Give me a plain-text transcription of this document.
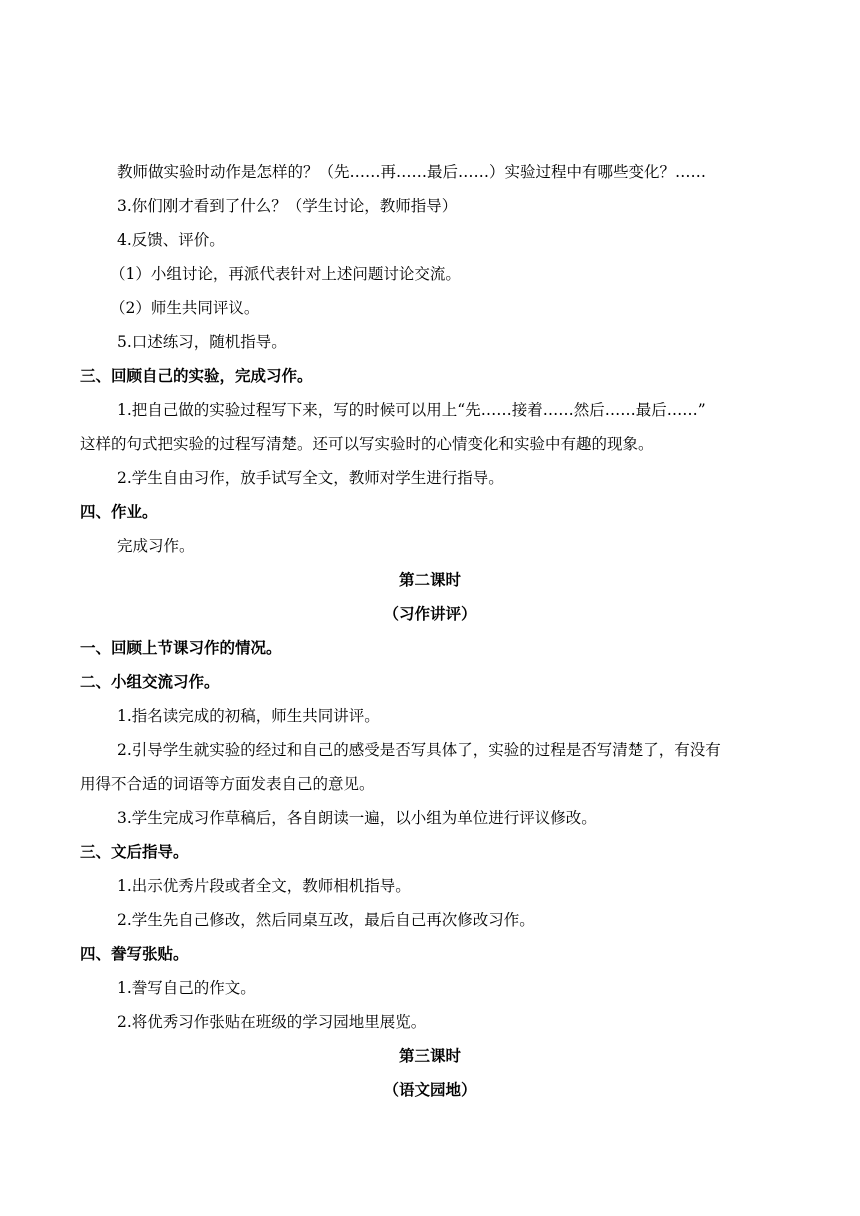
教师做实验时动作是怎样的？（先……再……最后……）实验过程中有哪些变化？……
3.你们刚才看到了什么？（学生讨论，教师指导）
4.反馈、评价。
（1）小组讨论，再派代表针对上述问题讨论交流。
（2）师生共同评议。
5.口述练习，随机指导。
三、回顾自己的实验，完成习作。
1.把自己做的实验过程写下来，写的时候可以用上“先……接着……然后……最后……”
这样的句式把实验的过程写清楚。还可以写实验时的心情变化和实验中有趣的现象。
2.学生自由习作，放手试写全文，教师对学生进行指导。
四、作业。
完成习作。
第二课时
（习作讲评）
一、回顾上节课习作的情况。
二、小组交流习作。
1.指名读完成的初稿，师生共同讲评。
2.引导学生就实验的经过和自己的感受是否写具体了，实验的过程是否写清楚了，有没有
用得不合适的词语等方面发表自己的意见。
3.学生完成习作草稿后，各自朗读一遍，以小组为单位进行评议修改。
三、文后指导。
1.出示优秀片段或者全文，教师相机指导。
2.学生先自己修改，然后同桌互改，最后自己再次修改习作。
四、誊写张贴。
1.誊写自己的作文。
2.将优秀习作张贴在班级的学习园地里展览。
第三课时
（语文园地）
